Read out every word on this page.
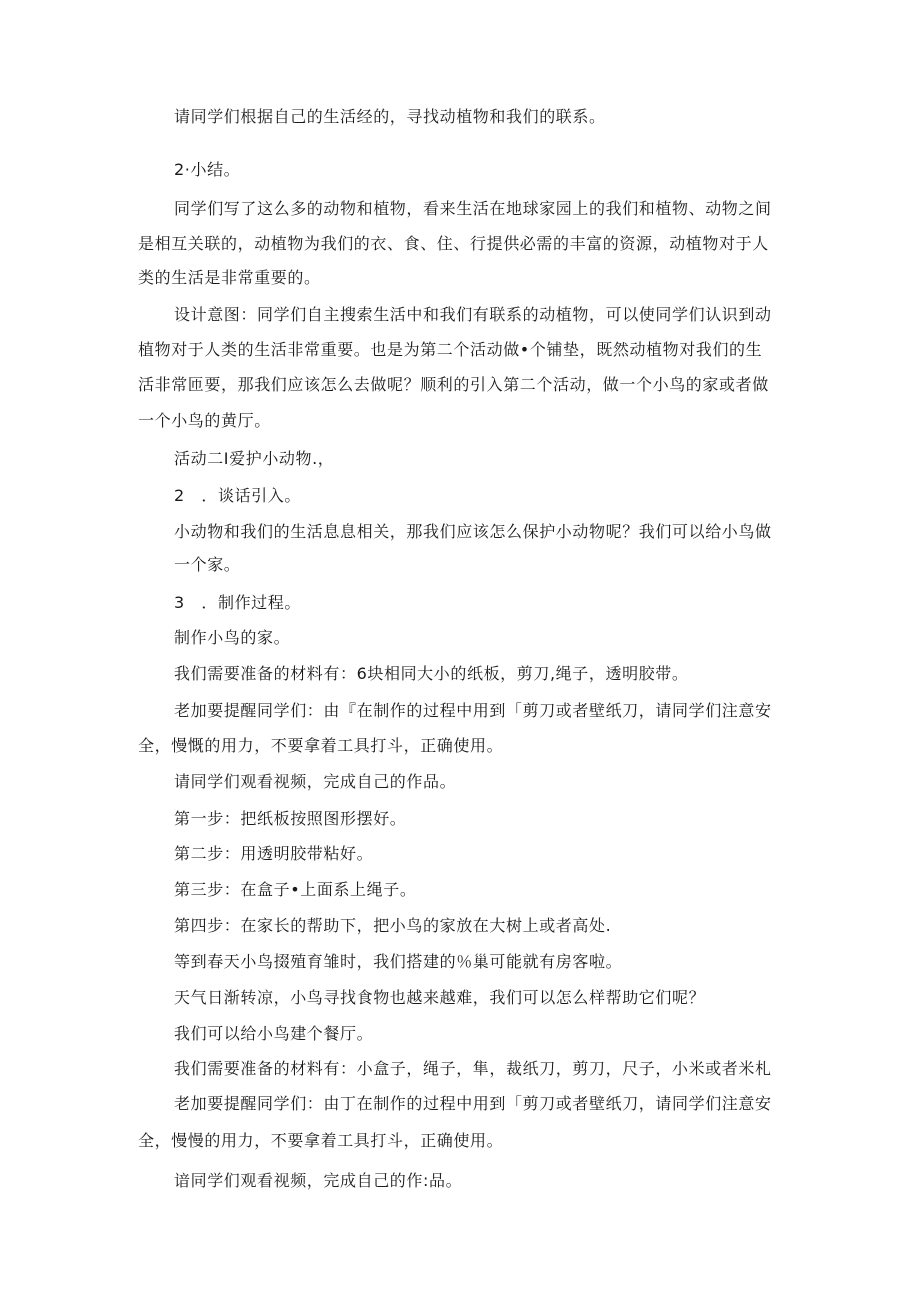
请同学们根据自己的生活经的，寻找动植物和我们的联系。
2·小结。
同学们写了这么多的动物和植物，看来生活在地球家园上的我们和植物、动物之间
是相互关联的，动植物为我们的衣、食、住、行提供必需的丰富的资源，动植物对于人
类的生活是非常重要的。
设计意图：同学们自主搜索生活中和我们有联系的动植物，可以使同学们认识到动
植物对于人类的生活非常重要。也是为第二个活动做•个铺垫，既然动植物对我们的生
活非常匝要，那我们应该怎么去做呢？顺利的引入第二个活动，做一个小鸟的家或者做
一个小鸟的黄厅。
活动二I爱护小动物.，
2　．谈话引入。
小动物和我们的生活息息相关，那我们应该怎么保护小动物呢？我们可以给小鸟做
一个家。
3　．制作过程。
制作小鸟的家。
我们需要准备的材料有：6块相同大小的纸板，剪刀,绳子，透明胶带。
老加要提醒同学们：由『在制作的过程中用到「剪刀或者壁纸刀，请同学们注意安
全，慢慨的用力，不要拿着工具打斗，正确使用。
请同学们观看视频，完成自己的作品。
第一步：把纸板按照图形摆好。
第二步：用透明胶带粘好。
第三步：在盒子•上面系上绳子。
第四步：在家长的帮助下，把小鸟的家放在大树上或者高处.
等到春天小鸟掇殖育雏时，我们搭建的％巢可能就有房客啦。
天气日渐转凉，小鸟寻找食物也越来越难，我们可以怎么样帮助它们呢？
我们可以给小鸟建个餐厅。
我们需要准备的材料有：小盒子，绳子，隼，裁纸刀，剪刀，尺子，小米或者米札
老加要提醒同学们：由丁在制作的过程中用到「剪刀或者壁纸刀，请同学们注意安
全，慢慢的用力，不要拿着工具打斗，正确使用。
谙同学们观看视频，完成自己的作:品。
